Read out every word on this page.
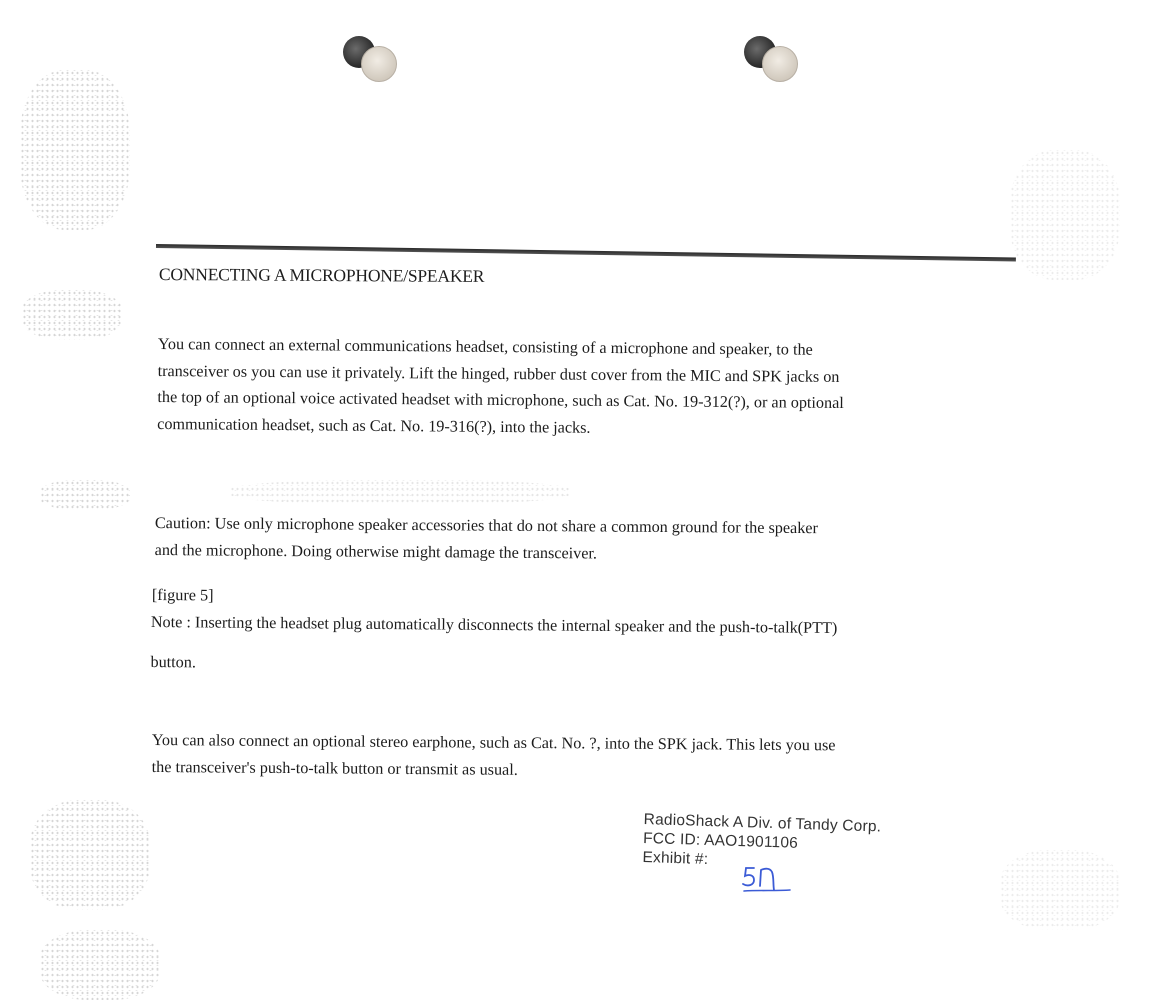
CONNECTING A MICROPHONE/SPEAKER
You can connect an external communications headset, consisting of a microphone and speaker, to the
transceiver os you can use it privately. Lift the hinged, rubber dust cover from the MIC and SPK jacks on
the top of an optional voice activated headset with microphone, such as Cat. No. 19-312(?), or an optional
communication headset, such as Cat. No. 19-316(?), into the jacks.
Caution: Use only microphone speaker accessories that do not share a common ground for the speaker
and the microphone. Doing otherwise might damage the transceiver.
[figure 5]
Note : Inserting the headset plug automatically disconnects the internal speaker and the push-to-talk(PTT)
button.
You can also connect an optional stereo earphone, such as Cat. No. ?, into the SPK jack. This lets you use
the transceiver's push-to-talk button or transmit as usual.
RadioShack A Div. of Tandy Corp.
FCC ID: AAO1901106
Exhibit #:
